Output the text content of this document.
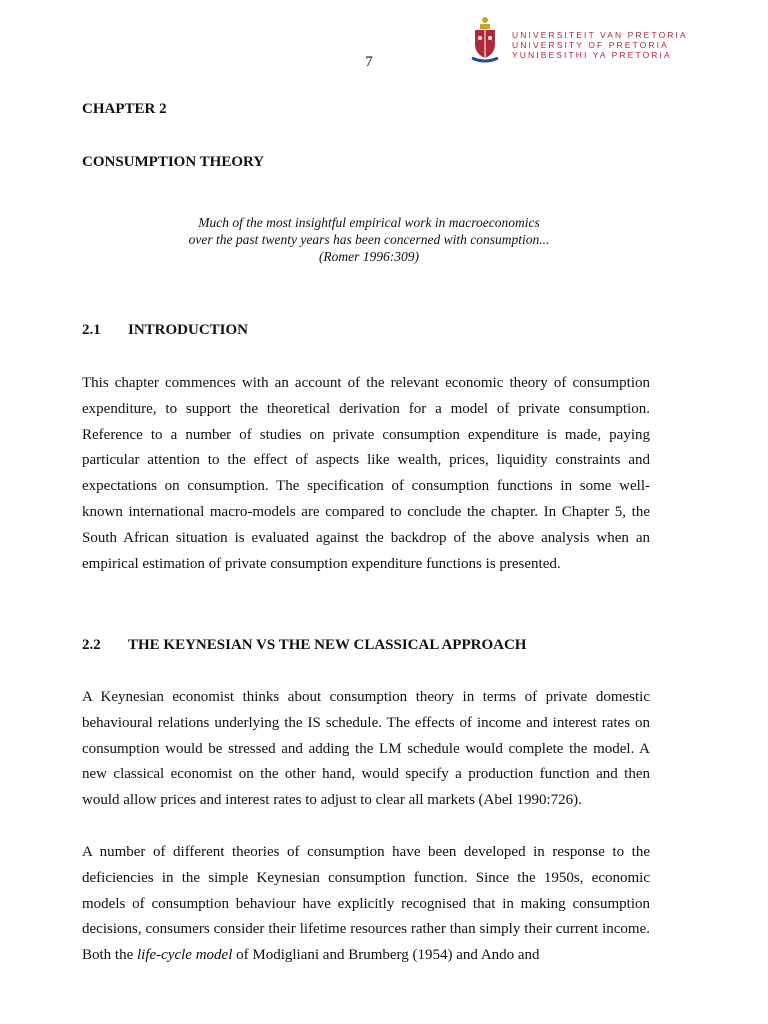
UNIVERSITEIT VAN PRETORIA
UNIVERSITY OF PRETORIA
YUNIBESITHI YA PRETORIA
7
CHAPTER 2
CONSUMPTION THEORY
Much of the most insightful empirical work in macroeconomics
over the past twenty years has been concerned with consumption...
(Romer 1996:309)
2.1 INTRODUCTION

This chapter commences with an account of the relevant economic theory of consumption expenditure, to support the theoretical derivation for a model of private consumption. Reference to a number of studies on private consumption expenditure is made, paying particular attention to the effect of aspects like wealth, prices, liquidity constraints and expectations on consumption. The specification of consumption functions in some well-known international macro-models are compared to conclude the chapter. In Chapter 5, the South African situation is evaluated against the backdrop of the above analysis when an empirical estimation of private consumption expenditure functions is presented.

2.2 THE KEYNESIAN VS THE NEW CLASSICAL APPROACH

A Keynesian economist thinks about consumption theory in terms of private domestic behavioural relations underlying the IS schedule. The effects of income and interest rates on consumption would be stressed and adding the LM schedule would complete the model. A new classical economist on the other hand, would specify a production function and then would allow prices and interest rates to adjust to clear all markets (Abel 1990:726).

A number of different theories of consumption have been developed in response to the deficiencies in the simple Keynesian consumption function. Since the 1950s, economic models of consumption behaviour have explicitly recognised that in making consumption decisions, consumers consider their lifetime resources rather than simply their current income. Both the life-cycle model of Modigliani and Brumberg (1954) and Ando and
